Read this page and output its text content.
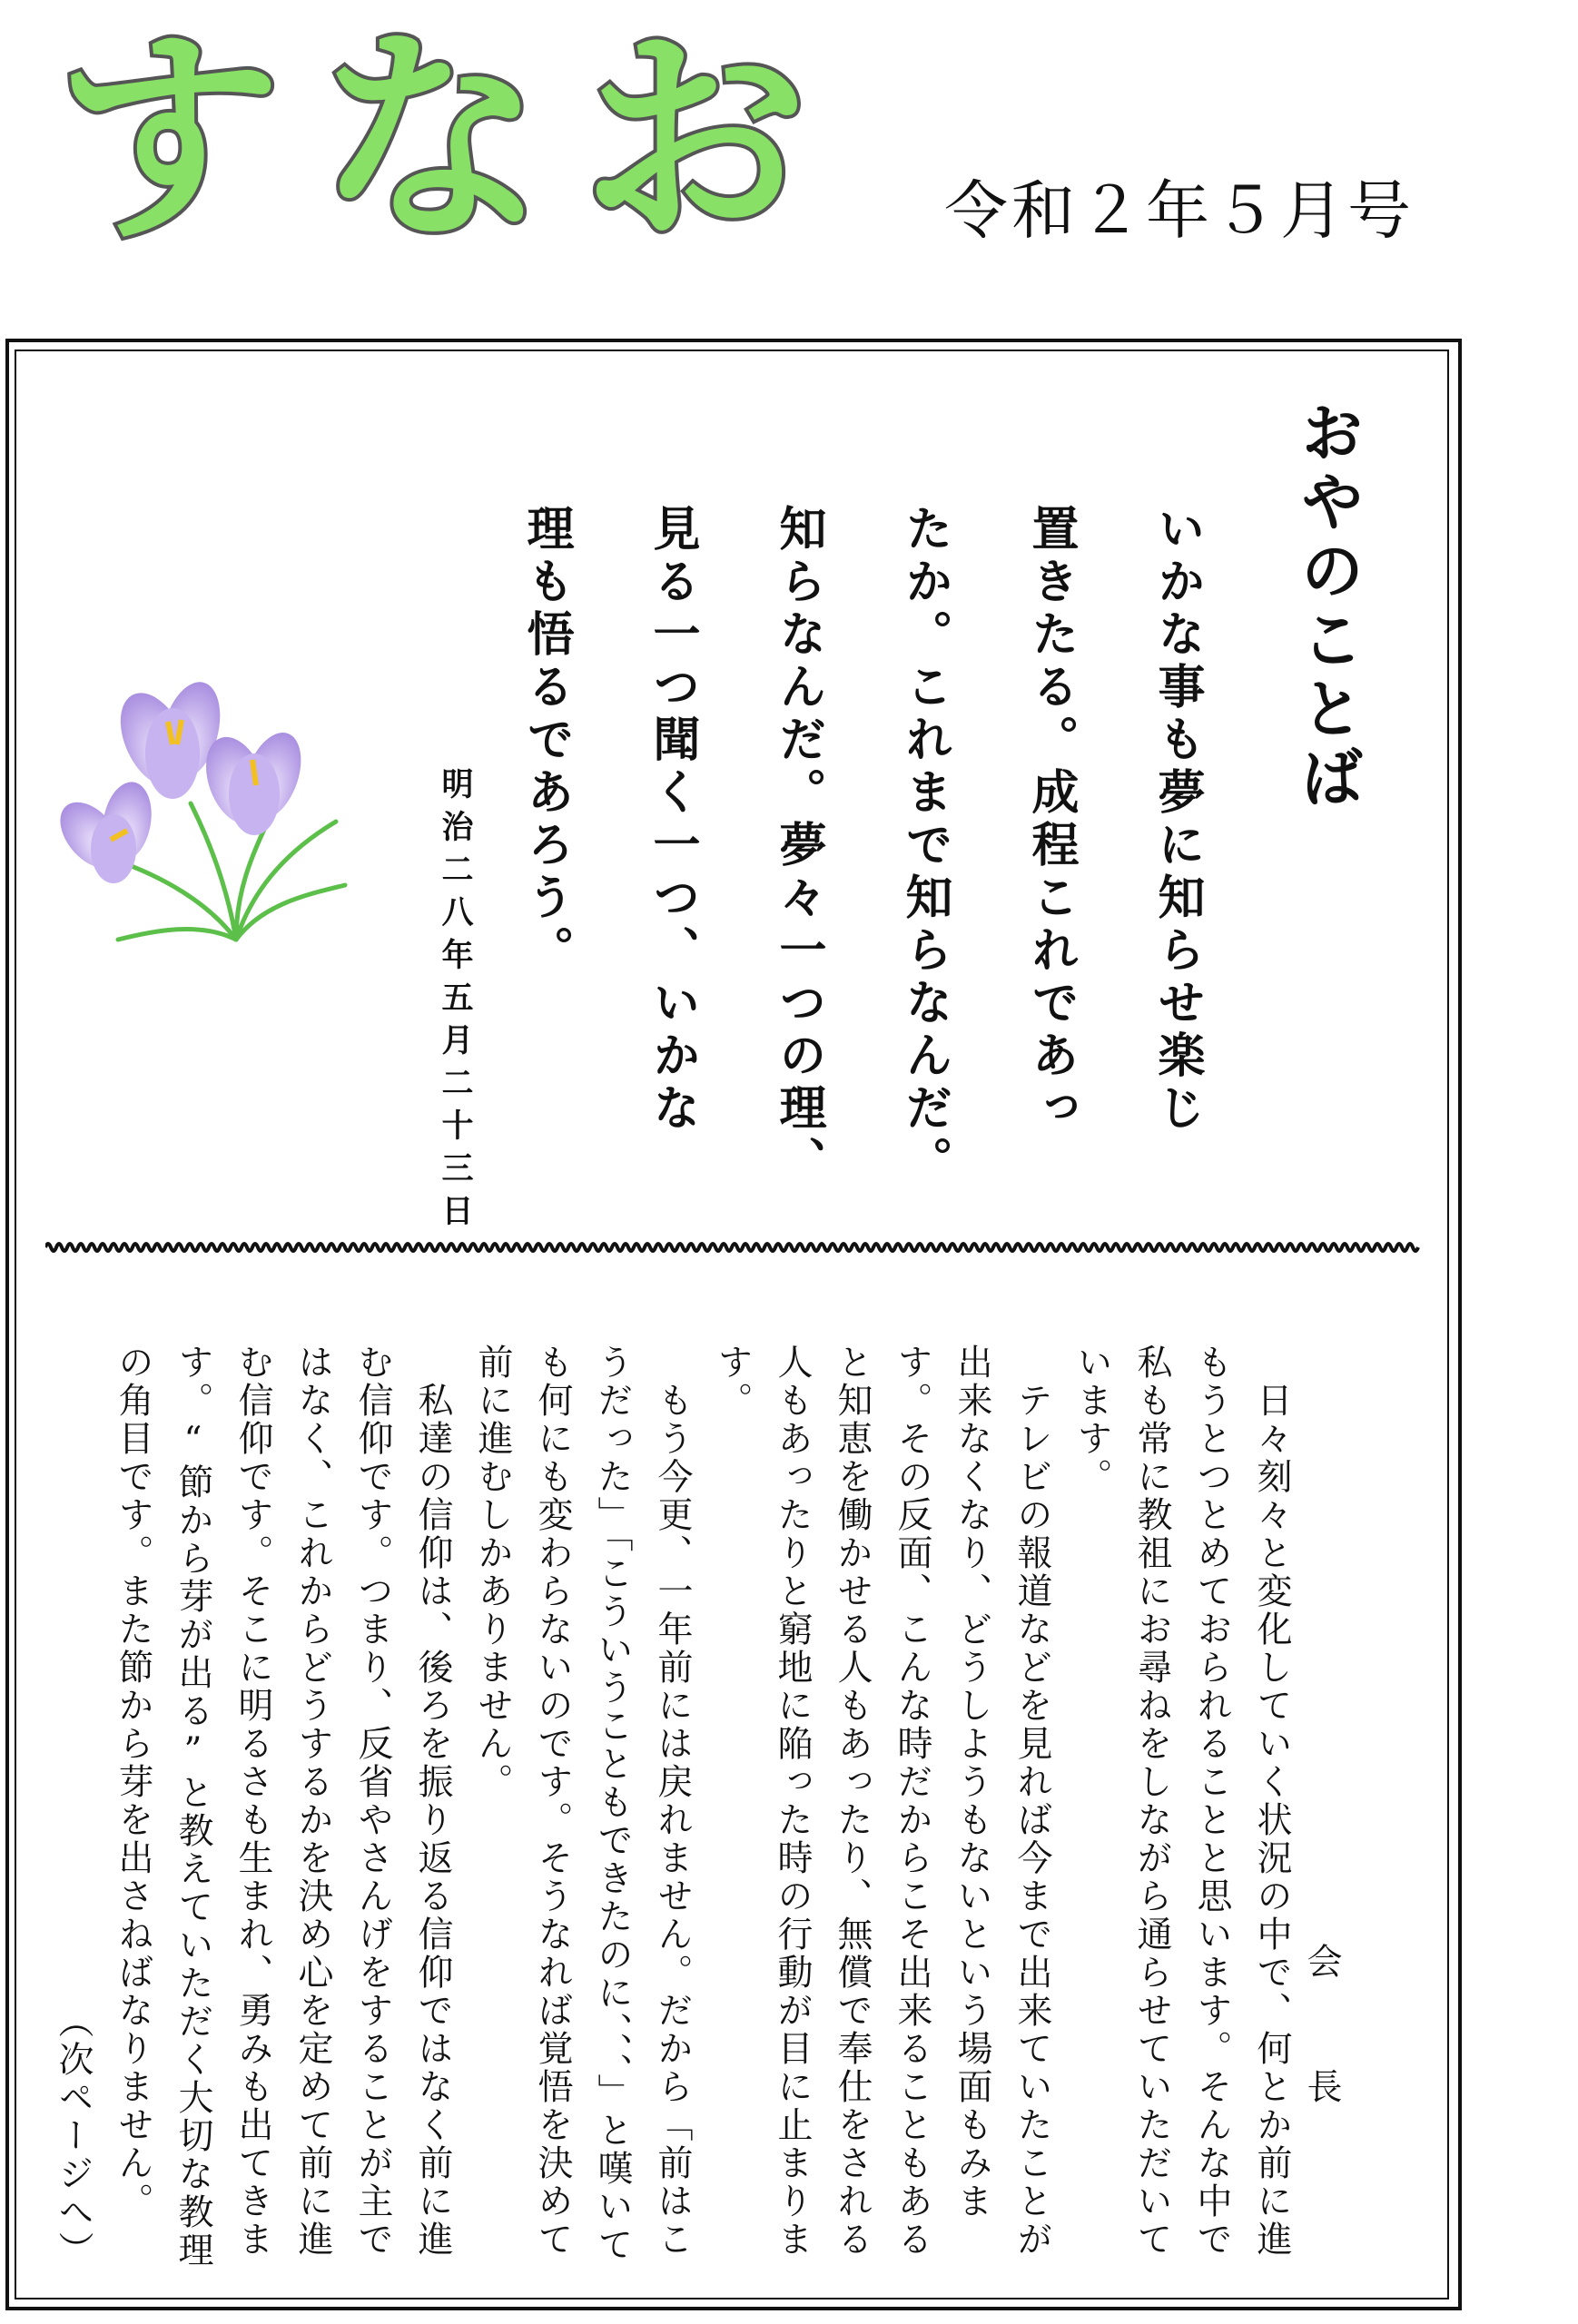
すなお 令和２年５月号
おやのことば
いかな事も夢に知らせ楽じ
置きたる。成程これであっ
たか。これまで知らなんだ。
知らなんだ。夢々一つの理、
見る一つ聞く一つ、いかな
理も悟るであろう。
明治二八年五月二十三日
会　長

　日々刻々と変化していく状況の中で、何とか前に進もうとつとめておられることと思います。そんな中で私も常に教祖にお尋ねをしながら通らせていただいています。

　テレビの報道などを見れば今まで出来ていたことが出来なくなり、どうしようもないという場面もみます。その反面、こんな時だからこそ出来ることもあると知恵を働かせる人もあったり、無償で奉仕をされる人もあったりと窮地に陥った時の行動が目に止まります。

　もう今更、一年前には戻れません。だから「前はこうだった」「こういうこともできたのに、、、」と嘆いても何にも変わらないのです。そうなれば覚悟を決めて前に進むしかありません。

　私達の信仰は、後ろを振り返る信仰ではなく前に進む信仰です。つまり、反省やさんげをすることが主ではなく、これからどうするかを決め心を定めて前に進む信仰です。そこに明るさも生まれ、勇みも出てきます。“節から芽が出る”と教えていただく大切な教理の角目です。また節から芽を出さねばなりません。

（次ページへ）
